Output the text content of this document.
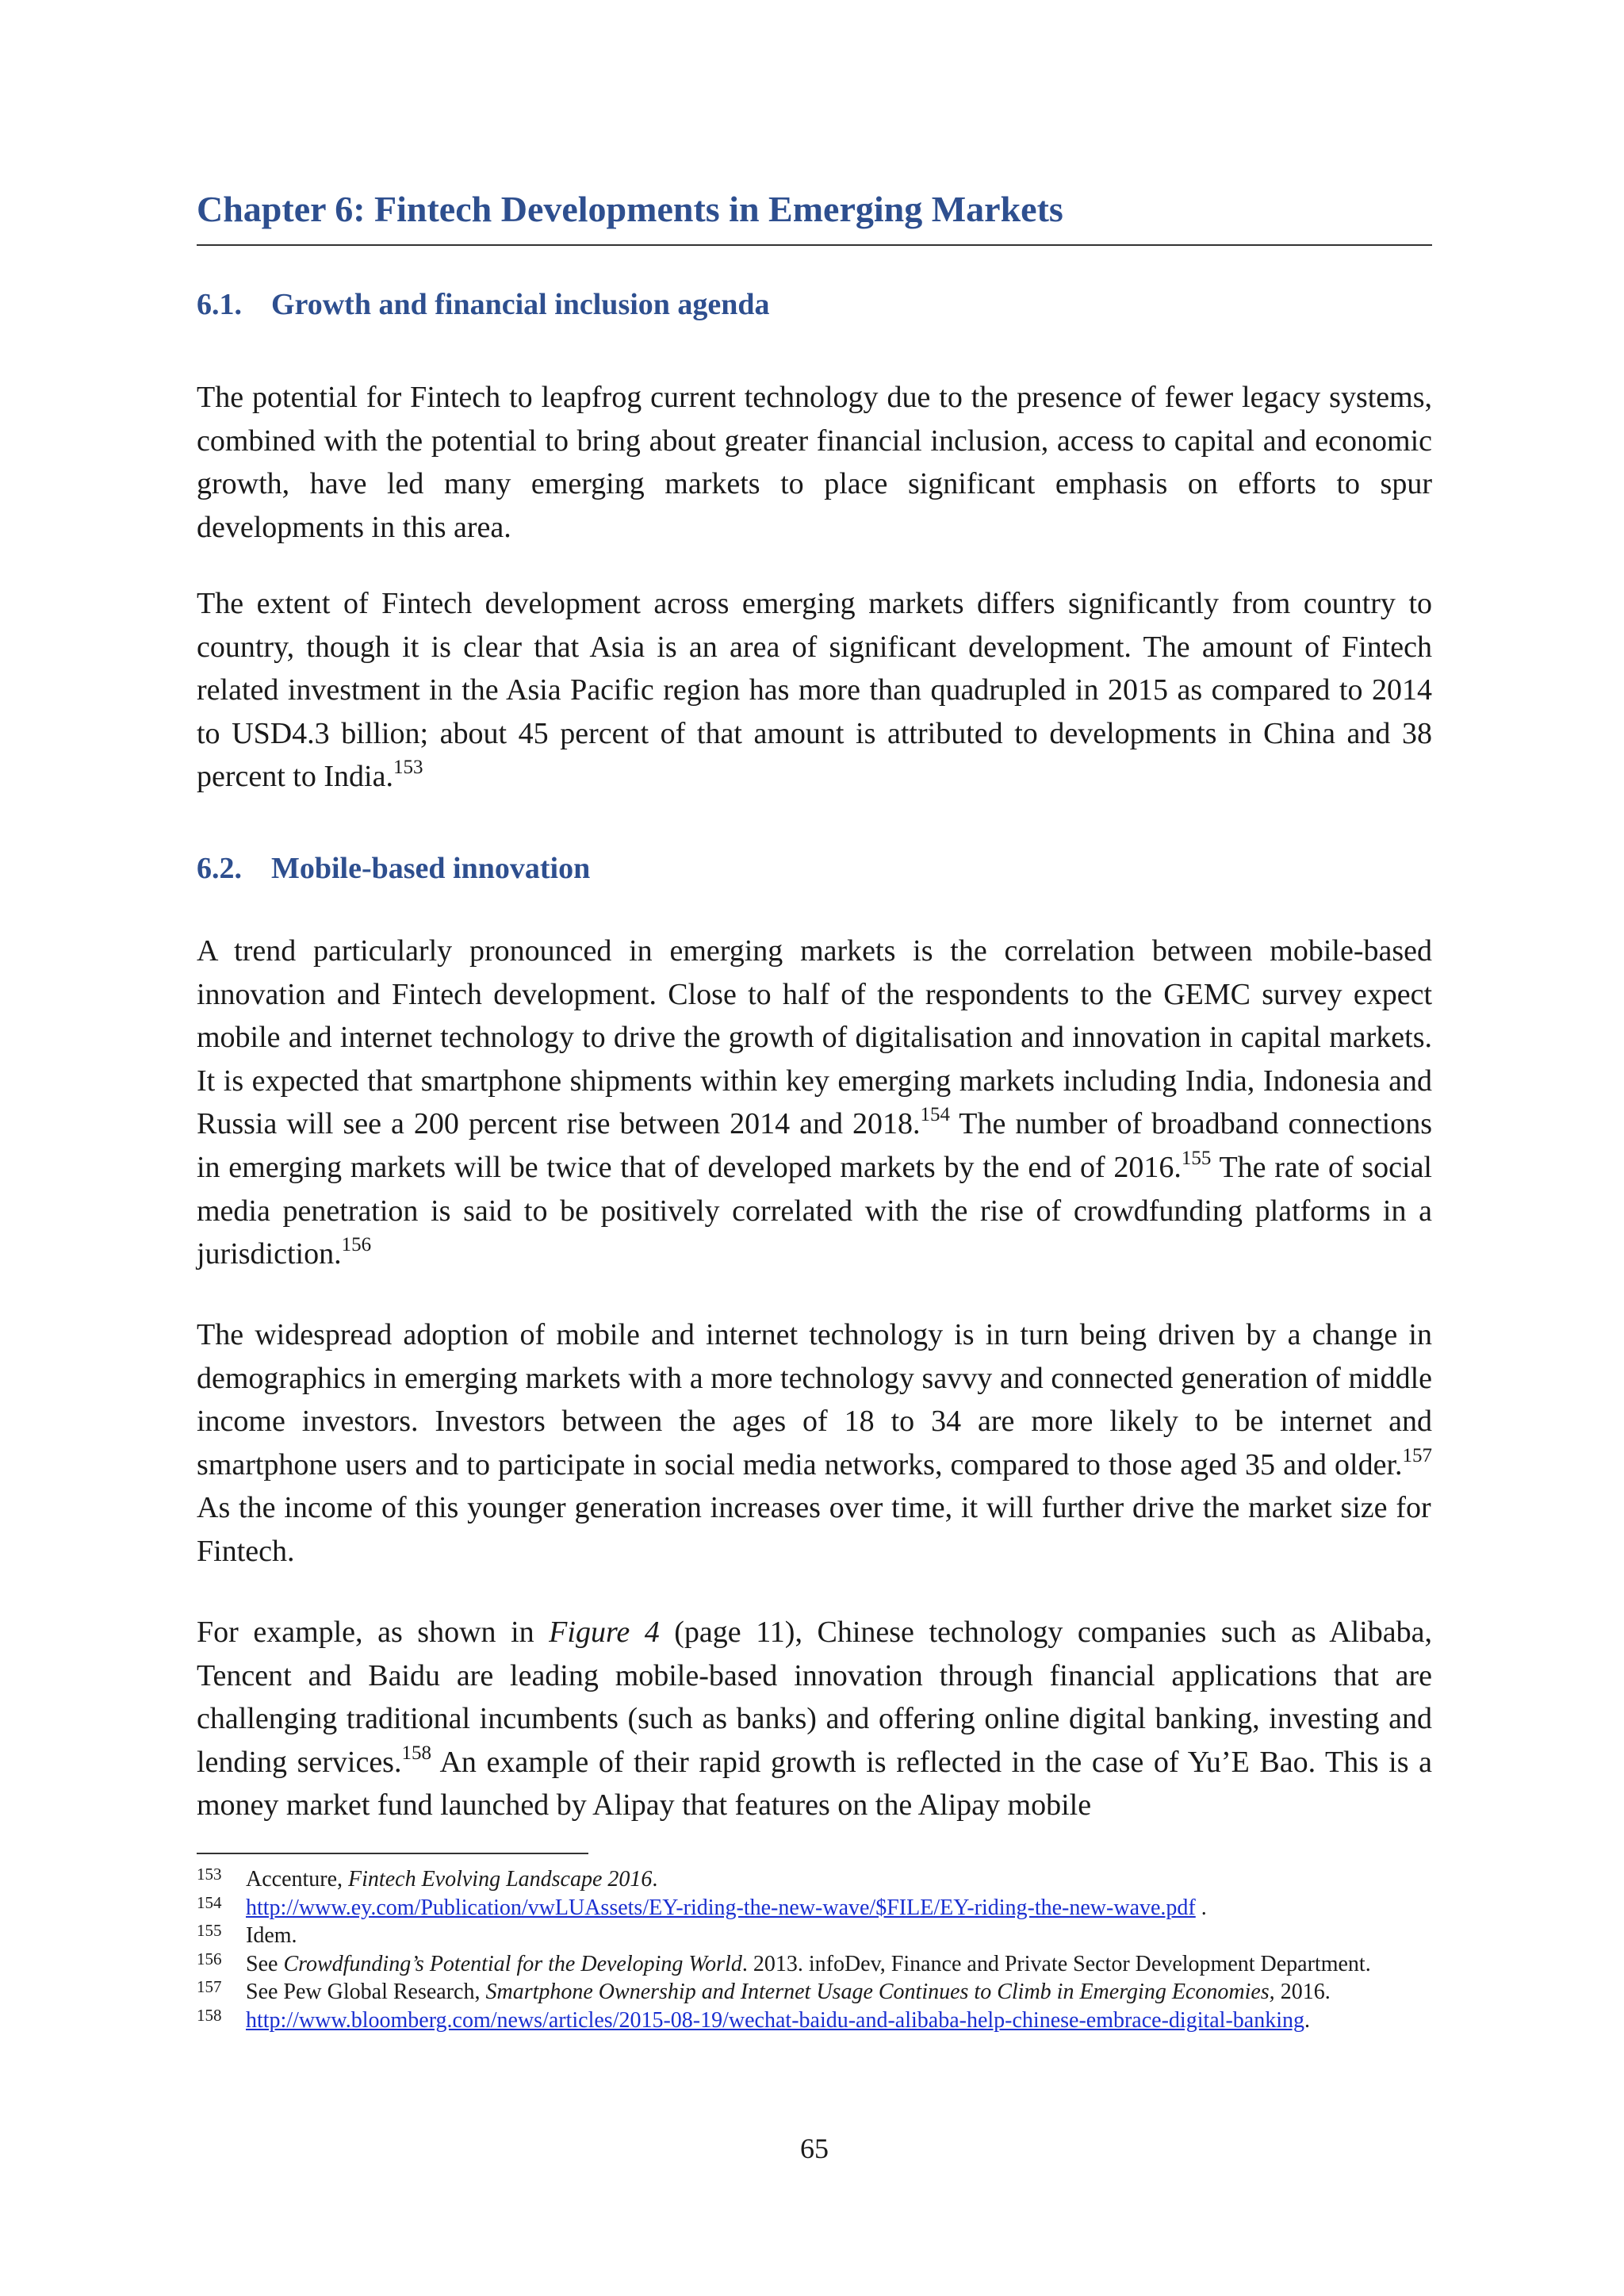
Chapter 6: Fintech Developments in Emerging Markets
6.1. Growth and financial inclusion agenda

The potential for Fintech to leapfrog current technology due to the presence of fewer legacy systems, combined with the potential to bring about greater financial inclusion, access to capital and economic growth, have led many emerging markets to place significant emphasis on efforts to spur developments in this area.

The extent of Fintech development across emerging markets differs significantly from country to country, though it is clear that Asia is an area of significant development. The amount of Fintech related investment in the Asia Pacific region has more than quadrupled in 2015 as compared to 2014 to USD4.3 billion; about 45 percent of that amount is attributed to developments in China and 38 percent to India.$^{153}$

6.2. Mobile-based innovation

A trend particularly pronounced in emerging markets is the correlation between mobile-based innovation and Fintech development. Close to half of the respondents to the GEMC survey expect mobile and internet technology to drive the growth of digitalisation and innovation in capital markets. It is expected that smartphone shipments within key emerging markets including India, Indonesia and Russia will see a 200 percent rise between 2014 and 2018.$^{154}$ The number of broadband connections in emerging markets will be twice that of developed markets by the end of 2016.$^{155}$ The rate of social media penetration is said to be positively correlated with the rise of crowdfunding platforms in a jurisdiction.$^{156}$

The widespread adoption of mobile and internet technology is in turn being driven by a change in demographics in emerging markets with a more technology savvy and connected generation of middle income investors. Investors between the ages of 18 to 34 are more likely to be internet and smartphone users and to participate in social media networks, compared to those aged 35 and older.$^{157}$ As the income of this younger generation increases over time, it will further drive the market size for Fintech.

For example, as shown in Figure 4 (page 11), Chinese technology companies such as Alibaba, Tencent and Baidu are leading mobile-based innovation through financial applications that are challenging traditional incumbents (such as banks) and offering online digital banking, investing and lending services.$^{158}$ An example of their rapid growth is reflected in the case of Yu’E Bao. This is a money market fund launched by Alipay that features on the Alipay mobile

153 Accenture, Fintech Evolving Landscape 2016.
154 http://www.ey.com/Publication/vwLUAssets/EY-riding-the-new-wave/$FILE/EY-riding-the-new-wave.pdf .
155 Idem.
156 See Crowdfunding’s Potential for the Developing World. 2013. infoDev, Finance and Private Sector Development Department.
157 See Pew Global Research, Smartphone Ownership and Internet Usage Continues to Climb in Emerging Economies, 2016.
158 http://www.bloomberg.com/news/articles/2015-08-19/wechat-baidu-and-alibaba-help-chinese-embrace-digital-banking.
65
